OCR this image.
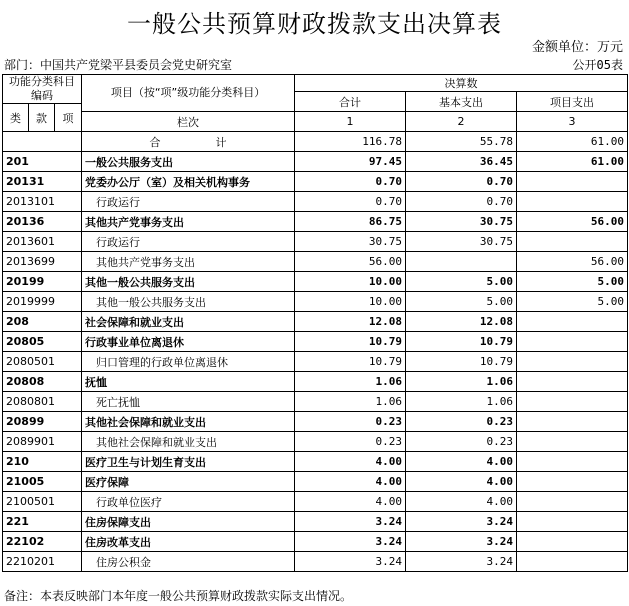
一般公共预算财政拨款支出决算表
金额单位：万元
部门：中国共产党梁平县委员会党史研究室	公开05表
功能分类科目编码			项目（按“项”级功能分类科目）	决算数		
				合计	基本支出	项目支出
类	款	项				
			栏次	1	2	3
			合　　　　　计	116.78	55.78	61.00
201			一般公共服务支出	97.45	36.45	61.00
20131			党委办公厅（室）及相关机构事务	0.70	0.70	
2013101			行政运行	0.70	0.70	
20136			其他共产党事务支出	86.75	30.75	56.00
2013601			行政运行	30.75	30.75	
2013699			其他共产党事务支出	56.00		56.00
20199			其他一般公共服务支出	10.00	5.00	5.00
2019999			其他一般公共服务支出	10.00	5.00	5.00
208			社会保障和就业支出	12.08	12.08	
20805			行政事业单位离退休	10.79	10.79	
2080501			归口管理的行政单位离退休	10.79	10.79	
20808			抚恤	1.06	1.06	
2080801			死亡抚恤	1.06	1.06	
20899			其他社会保障和就业支出	0.23	0.23	
2089901			其他社会保障和就业支出	0.23	0.23	
210			医疗卫生与计划生育支出	4.00	4.00	
21005			医疗保障	4.00	4.00	
2100501			行政单位医疗	4.00	4.00	
221			住房保障支出	3.24	3.24	
22102			住房改革支出	3.24	3.24	
2210201			住房公积金	3.24	3.24	
备注：本表反映部门本年度一般公共预算财政拨款实际支出情况。
